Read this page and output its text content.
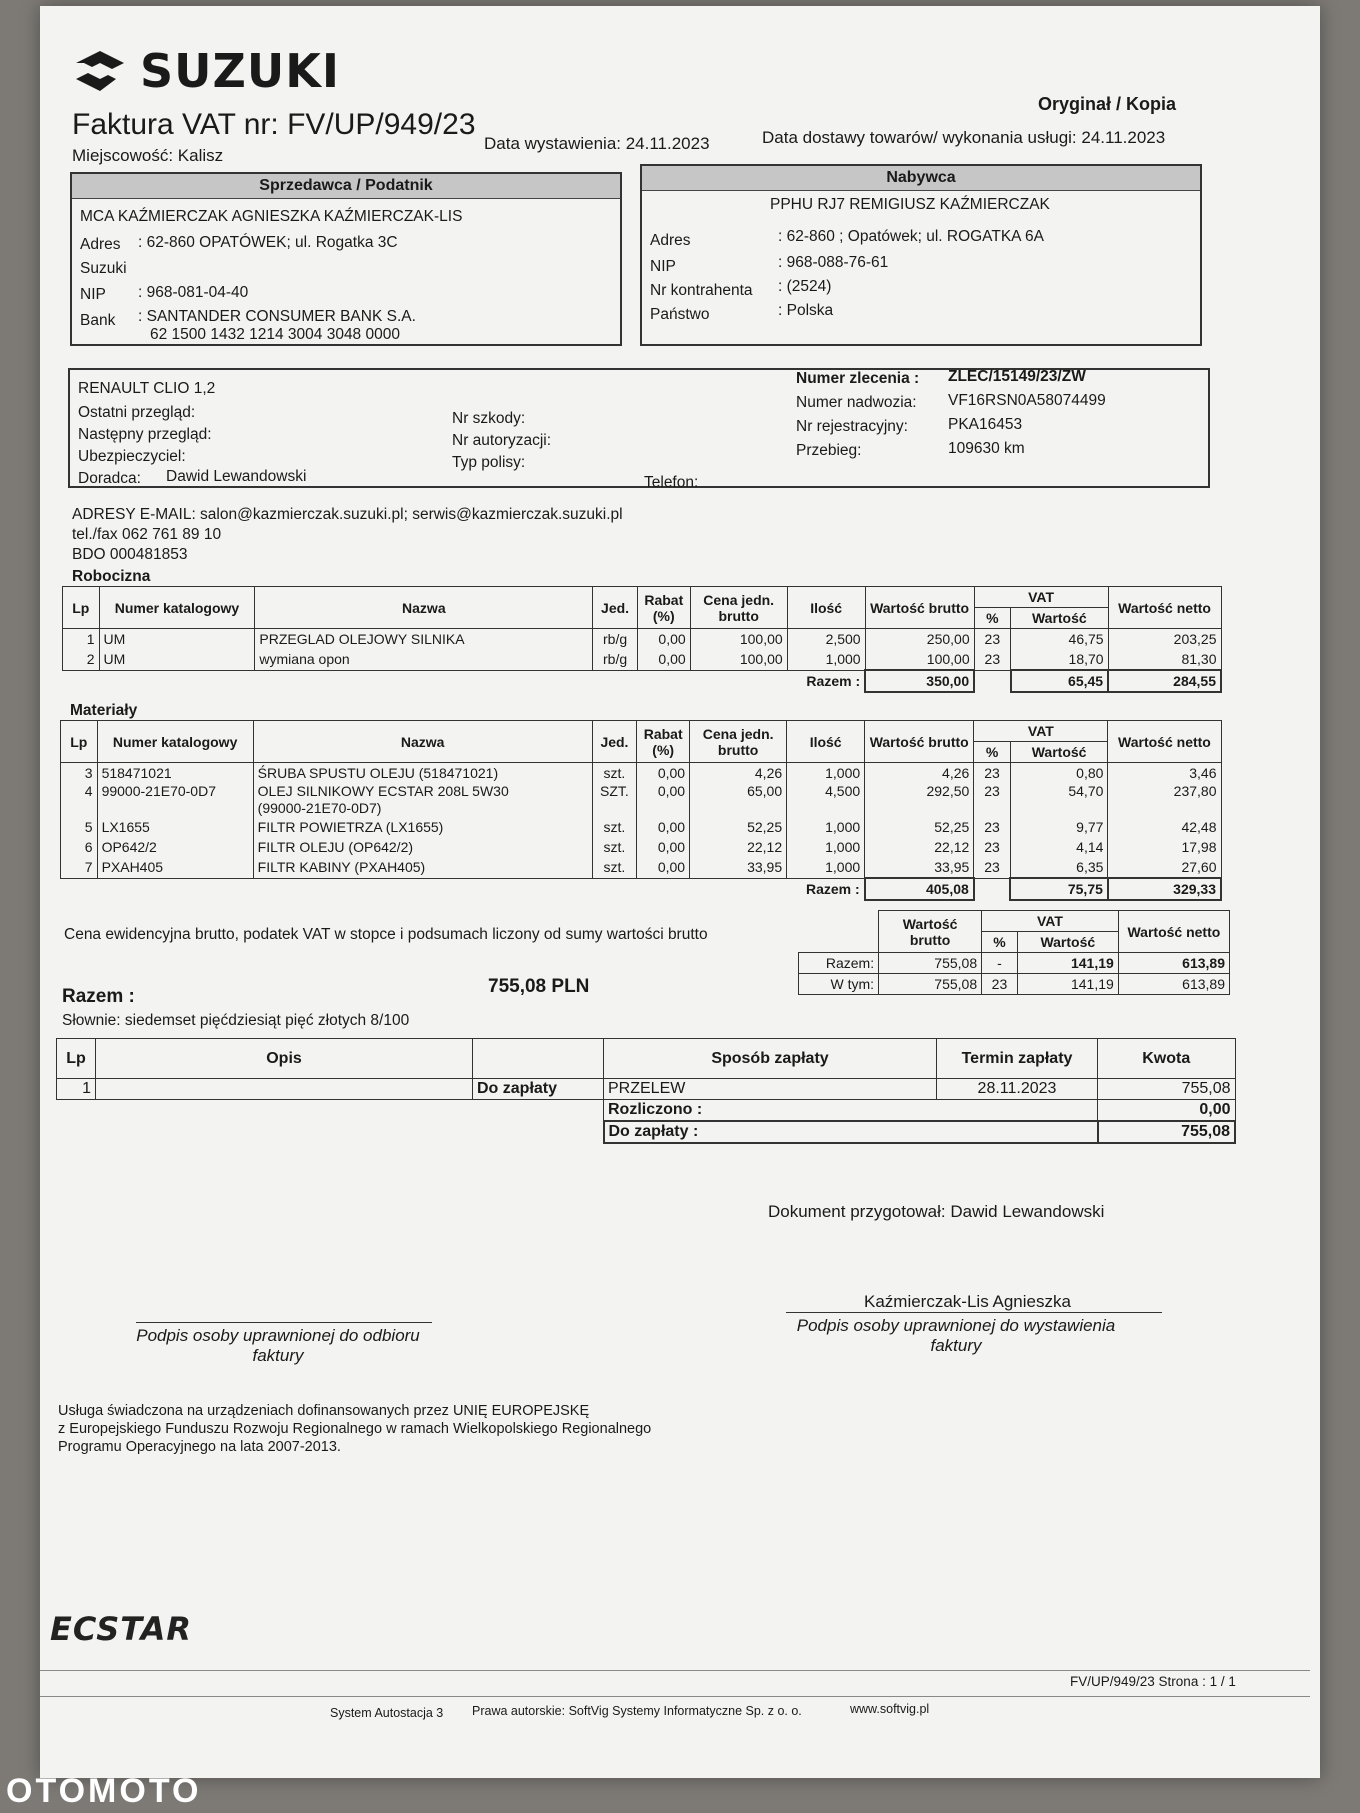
SUZUKI
Faktura VAT nr: FV/UP/949/23
Oryginał / Kopia
Miejscowość: Kalisz
Data wystawienia: 24.11.2023	Data dostawy towarów/ wykonania usługi: 24.11.2023
Sprzedawca / Podatnik
MCA KAŹMIERCZAK AGNIESZKA KAŹMIERCZAK-LIS
Adres : 62-860 OPATÓWEK; ul. Rogatka 3C
Suzuki
NIP : 968-081-04-40
Bank : SANTANDER CONSUMER BANK S.A.
62 1500 1432 1214 3004 3048 0000
Nabywca
PPHU RJ7 REMIGIUSZ KAŹMIERCZAK
Adres	: 62-860 ; Opatówek; ul. ROGATKA 6A
NIP	: 968-088-76-61
Nr kontrahenta : (2524)
Państwo	: Polska
RENAULT CLIO 1,2
Ostatni przegląd:
Następny przegląd:
Ubezpieczyciel:
Doradca: Dawid Lewandowski
Nr szkody:
Nr autoryzacji:
Typ polisy:
Telefon:
Numer zlecenia : ZLEC/15149/23/ZW
Numer nadwozia: VF16RSN0A58074499
Nr rejestracyjny:	PKA16453
Przebieg:	109630 km
ADRESY E-MAIL: salon@kazmierczak.suzuki.pl; serwis@kazmierczak.suzuki.pl
tel./fax 062 761 89 10
BDO 000481853
Robocizna
Lp	Numer katalogowy	Nazwa	Jed.	Rabat (%)	Cena jedn. brutto	Ilość	Wartość brutto	VAT		Wartość netto
								%	Wartość	
1	UM	PRZEGLAD OLEJOWY SILNIKA	rb/g	0,00	100,00	2,500	250,00	23	46,75	203,25
2	UM	wymiana opon	rb/g	0,00	100,00	1,000	100,00	23	18,70	81,30
						Razem :	350,00		65,45	284,55
Materiały
Lp	Numer katalogowy	Nazwa	Jed.	Rabat (%)	Cena jedn. brutto	Ilość	Wartość brutto	VAT		Wartość netto
								%	Wartość	
3	518471021	ŚRUBA SPUSTU OLEJU (518471021)	szt.	0,00	4,26	1,000	4,26	23	0,80	3,46
4	99000-21E70-0D7	OLEJ SILNIKOWY ECSTAR 208L 5W30
(99000-21E70-0D7)	SZT.	0,00	65,00	4,500	292,50	23	54,70	237,80
5	LX1655	FILTR POWIETRZA (LX1655)	szt.	0,00	52,25	1,000	52,25	23	9,77	42,48
6	OP642/2	FILTR OLEJU (OP642/2)	szt.	0,00	22,12	1,000	22,12	23	4,14	17,98
7	PXAH405	FILTR KABINY (PXAH405)	szt.	0,00	33,95	1,000	33,95	23	6,35	27,60
						Razem :	405,08		75,75	329,33
Cena ewidencyjna brutto, podatek VAT w stopce i podsumach liczony od sumy wartości brutto
Razem :	755,08 PLN
Słownie: siedemset pięćdziesiąt pięć złotych 8/100
	Wartość brutto	VAT		Wartość netto
		%	Wartość	
Razem:	755,08	-	141,19	613,89
W tym:	755,08	23	141,19	613,89
Lp	Opis		Sposób zapłaty	Termin zapłaty	Kwota
1		Do zapłaty	PRZELEW	28.11.2023	755,08
			Rozliczono :		0,00
			Do zapłaty :		755,08
Dokument przygotował: Dawid Lewandowski
Kaźmierczak-Lis Agnieszka
Podpis osoby uprawnionej do wystawienia faktury
Podpis osoby uprawnionej do odbioru faktury
Usługa świadczona na urządzeniach dofinansowanych przez UNIĘ EUROPEJSKĘ
z Europejskiego Funduszu Rozwoju Regionalnego w ramach Wielkopolskiego Regionalnego
Programu Operacyjnego na lata 2007-2013.
ECSTAR
FV/UP/949/23 Strona : 1 / 1
System Autostacja 3 Prawa autorskie: SoftVig Systemy Informatyczne Sp. z o. o.	www.softvig.pl
OTOMOTO
